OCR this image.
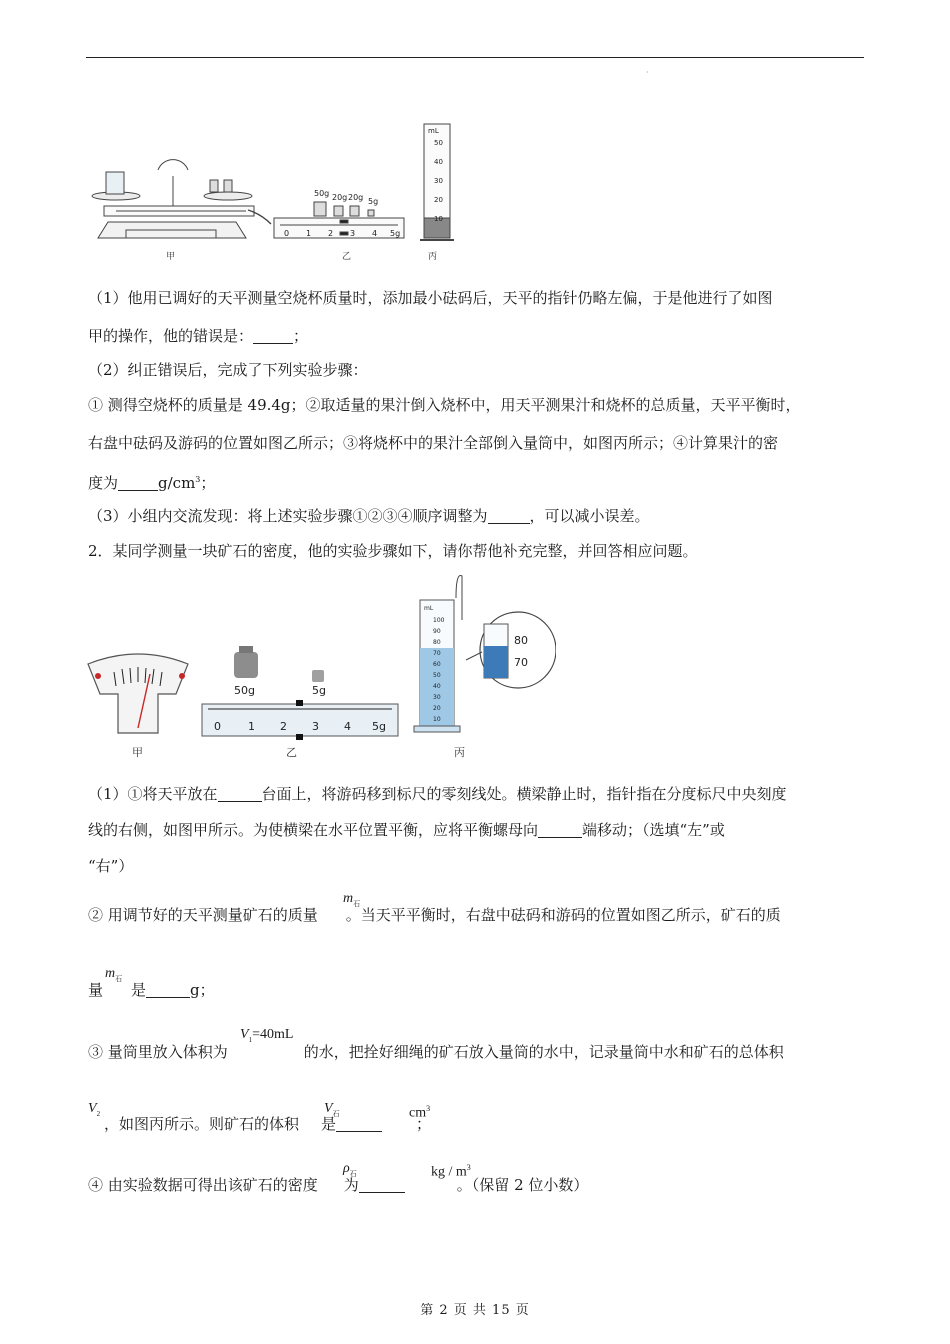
·
50g 20g 20g 5g
0 1 2 3 4 5g
mL
50
40
30
20
10
甲	乙	丙
（1）他用已调好的天平测量空烧杯质量时，添加最小砝码后，天平的指针仍略左偏，于是他进行了如图
甲的操作，他的错误是：	；
（2）纠正错误后，完成了下列实验步骤：
① 测得空烧杯的质量是 49.4g；②取适量的果汁倒入烧杯中，用天平测果汁和烧杯的总质量，天平平衡时，
右盘中砝码及游码的位置如图乙所示；③将烧杯中的果汁全部倒入量筒中，如图丙所示；④计算果汁的密
度为	$g/cm^3$；
（3）小组内交流发现：将上述实验步骤①②③④顺序调整为	，可以减小误差。
2．某同学测量一块矿石的密度，他的实验步骤如下，请你帮他补充完整，并回答相应问题。
50g	5g
0 1 2 3 4 5g
mL
100
90
80
70
60
50
40
30
20
10
80
70
甲	乙	丙
（1）①将天平放在	台面上，将游码移到标尺的零刻线处。横梁静止时，指针指在分度标尺中央刻度
线的右侧，如图甲所示。为使横梁在水平位置平衡，应将平衡螺母向	端移动；（选填“左”或
“右”）
② 用调节好的天平测量矿石的质量 。当天平平衡时，右盘中砝码和游码的位置如图乙所示，矿石的质
$m_石$
量 是	g；
$m_石$
③ 量筒里放入体积为	的水，把拴好细绳的矿石放入量筒的水中，记录量筒中水和矿石的总体积
$V_1=40mL$
，如图丙所示。则矿石的体积 是	；
$V_2$	$V_石$	$cm^3$
④ 由实验数据可得出该矿石的密度 为	。（保留 2 位小数）
$\rho_石$	kg / $m^3$
第 2 页 共 15 页
